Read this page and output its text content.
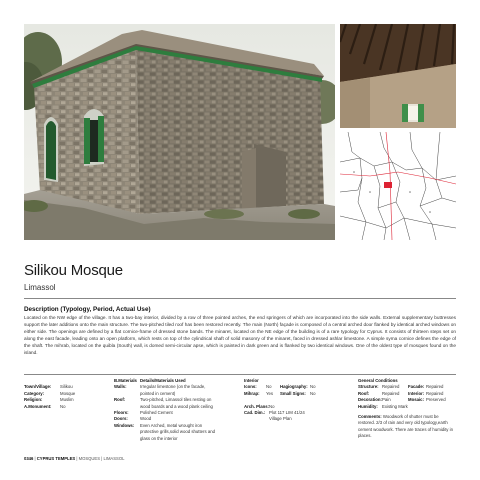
Silikou Mosque
Limassol
Description (Typology, Period, Actual Use)
Located on the NW edge of the village. It has a two-bay interior, divided by a row of three pointed arches, the end springers of which are incorporated into the side walls. External supplementary buttresses support the later additions onto the main structure. The two-pitched tiled roof has been restored recently. The main (North) façade is composed of a central arched door flanked by identical arched windows on either side. The openings are defined by a flat cornice-frame of dressed stone bands. The minaret, located on the NE edge of the building is of a rare typology for Cyprus. It consists of thirteen steps set on along the east facade, leading onto an open platform, which rests on top of the cylindrical shaft of solid masonry of the minaret, faced in dressed ashlar limestone. A simple syma cornice defines the edge of the shaft. The mihrab, located on the quibla (South) wall, is domed semi-circular apse, which is painted in dark green and is flanked by two identical windows. One of the oldest type of mosques found on the island.
Town/Village: Silikou
Category:	Mosque
Religion:	Muslim
A.Monument: No
B.Materials Details/Materials Used
Walls:	Irregular limestone (on the facade, pointed in cement)
Roof:	Two-pitched, Limassol tiles resting on wood boards and a wood plank ceiling
Floors:	Polished Cement
Doors:	Wood
Windows: Even Arched, metal wrought iron protective grills,solid wood shutters and glass on the interior
Interior
Icons: No Hagiography: No
Mihrap: Yes Small Signs: No
Arch. Plans:No
Cad. Dim.: Plot 117 LIM 41/24 Village Plan
General Conditions
Structure: Repaired Facade: Repaired
Roof:	Repaired Interior: Repaired
Decoration:Pain	Mosaic: Preserved
Humidity: Existing Mark
Comments: Woodwork of shutter must be restored. 2/3 of rain and very old typology,earth cement woodwork. There are traces of humidity in places.
0346 | CYPRUS TEMPLES | MOSQUES | LIMASSOL
